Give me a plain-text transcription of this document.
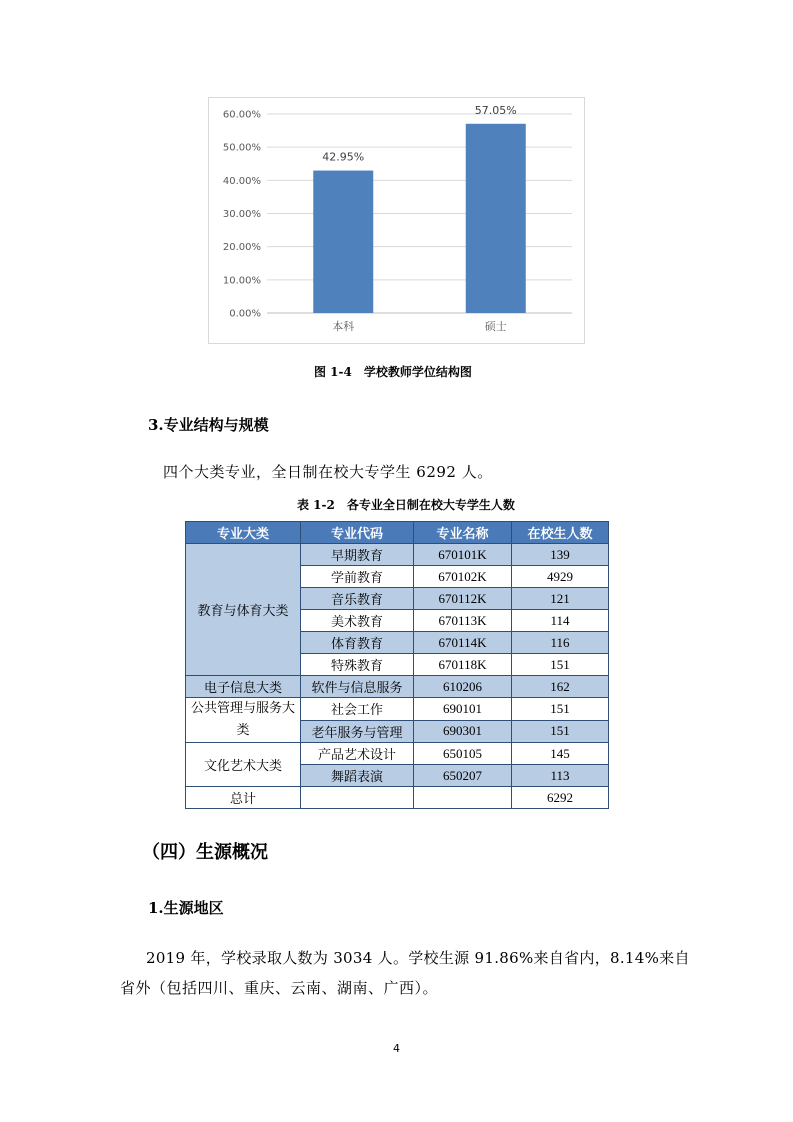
0.00%
10.00%
20.00%
30.00%
40.00%
50.00%
60.00%
42.95%
本科
57.05%
硕士
图 1-4　学校教师学位结构图
3.专业结构与规模
四个大类专业，全日制在校大专学生 6292 人。
表 1-2　各专业全日制在校大专学生人数
专业大类	专业代码	专业名称	在校生人数
教育与体育大类	早期教育	670101K	139
	学前教育	670102K	4929
	音乐教育	670112K	121
	美术教育	670113K	114
	体育教育	670114K	116
	特殊教育	670118K	151
电子信息大类	软件与信息服务	610206	162
公共管理与服务大类	社会工作	690101	151
	老年服务与管理	690301	151
文化艺术大类	产品艺术设计	650105	145
	舞蹈表演	650207	113
总计			6292
（四）生源概况
1.生源地区
2019 年，学校录取人数为 3034 人。学校生源 91.86%来自省内，8.14%来自
省外（包括四川、重庆、云南、湖南、广西）。
4
